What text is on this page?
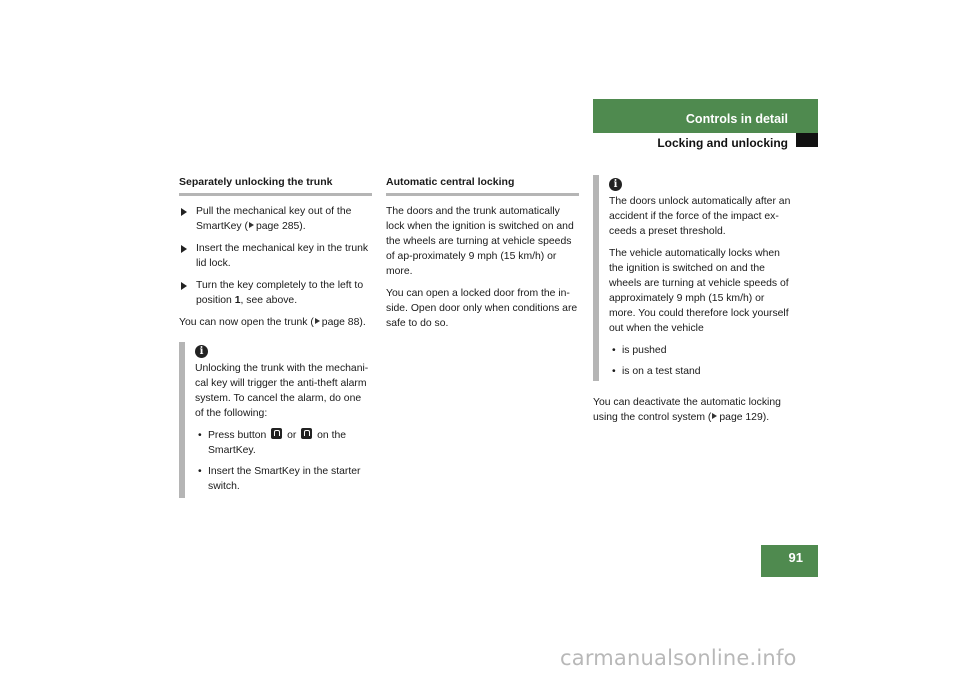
Controls in detail
Locking and unlocking
Separately unlocking the trunk
Pull the mechanical key out of the SmartKey ( page 285).
Insert the mechanical key in the trunk lid lock.
Turn the key completely to the left to position 1, see above.

You can now open the trunk ( page 88).

i

Unlocking the trunk with the mechani-cal key will trigger the anti-theft alarm system. To cancel the alarm, do one of the following:

• Press button  or  on the SmartKey.
• Insert the SmartKey in the starter switch.
Automatic central locking

The doors and the trunk automatically lock when the ignition is switched on and the wheels are turning at vehicle speeds of ap-proximately 9 mph (15 km/h) or more.

You can open a locked door from the in-side. Open door only when conditions are safe to do so.

i

The doors unlock automatically after an accident if the force of the impact ex-ceeds a preset threshold.

The vehicle automatically locks when the ignition is switched on and the wheels are turning at vehicle speeds of approximately 9 mph (15 km/h) or more. You could therefore lock yourself out when the vehicle

• is pushed
• is on a test stand

You can deactivate the automatic locking using the control system ( page 129).

91
carmanualsonline.info
